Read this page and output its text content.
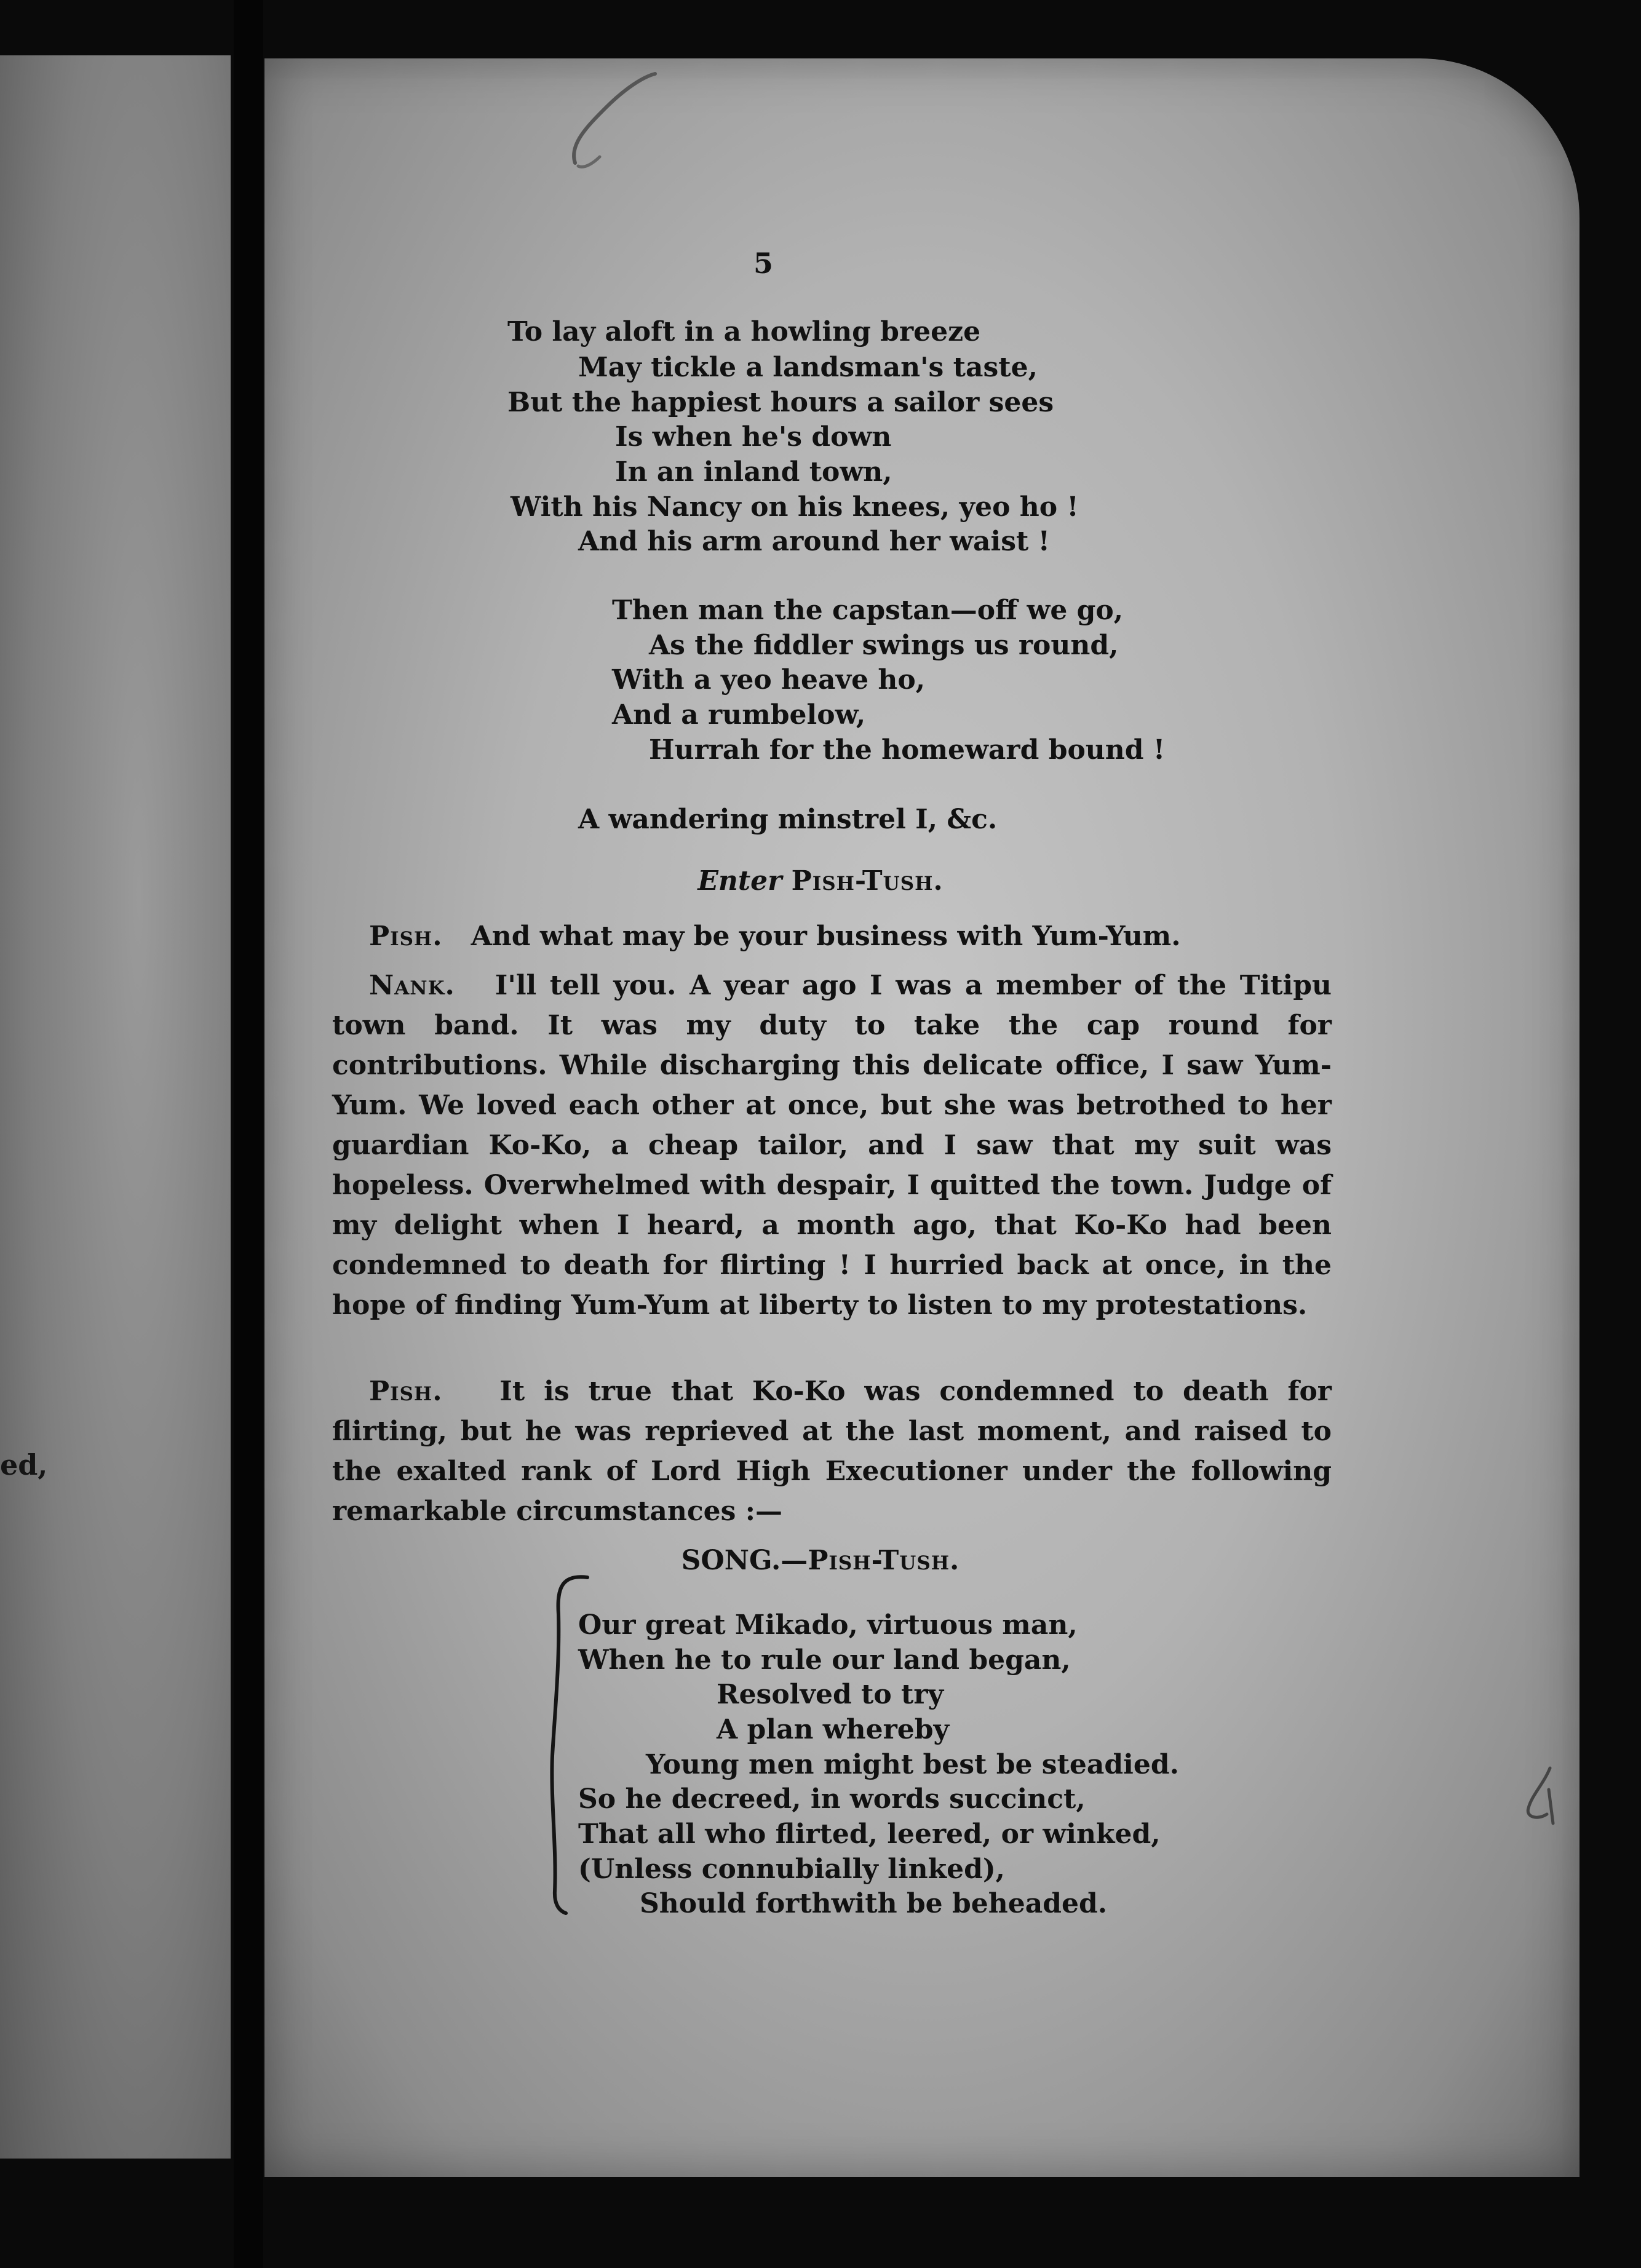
ed,
5
To lay aloft in a howling breeze
May tickle a landsman's taste,
But the happiest hours a sailor sees
Is when he's down
In an inland town,
With his Nancy on his knees, yeo ho !
And his arm around her waist !
Then man the capstan—off we go,
As the fiddler swings us round,
With a yeo heave ho,
And a rumbelow,
Hurrah for the homeward bound !
A wandering minstrel I, &c.
Enter Pish-Tush.
Pish. And what may be your business with Yum-Yum.
Nank. I'll tell you. A year ago I was a member of the Titipu town band. It was my duty to take the cap round for contributions. While discharging this delicate office, I saw Yum-Yum. We loved each other at once, but she was betrothed to her guardian Ko-Ko, a cheap tailor, and I saw that my suit was hopeless. Overwhelmed with despair, I quitted the town. Judge of my delight when I heard, a month ago, that Ko-Ko had been condemned to death for flirting ! I hurried back at once, in the hope of finding Yum-Yum at liberty to listen to my protestations.
Pish. It is true that Ko-Ko was condemned to death for flirting, but he was reprieved at the last moment, and raised to the exalted rank of Lord High Executioner under the following remarkable circumstances :—
SONG.—Pish-Tush.
Our great Mikado, virtuous man,
When he to rule our land began,
Resolved to try
A plan whereby
Young men might best be steadied.
So he decreed, in words succinct,
That all who flirted, leered, or winked,
(Unless connubially linked),
Should forthwith be beheaded.
